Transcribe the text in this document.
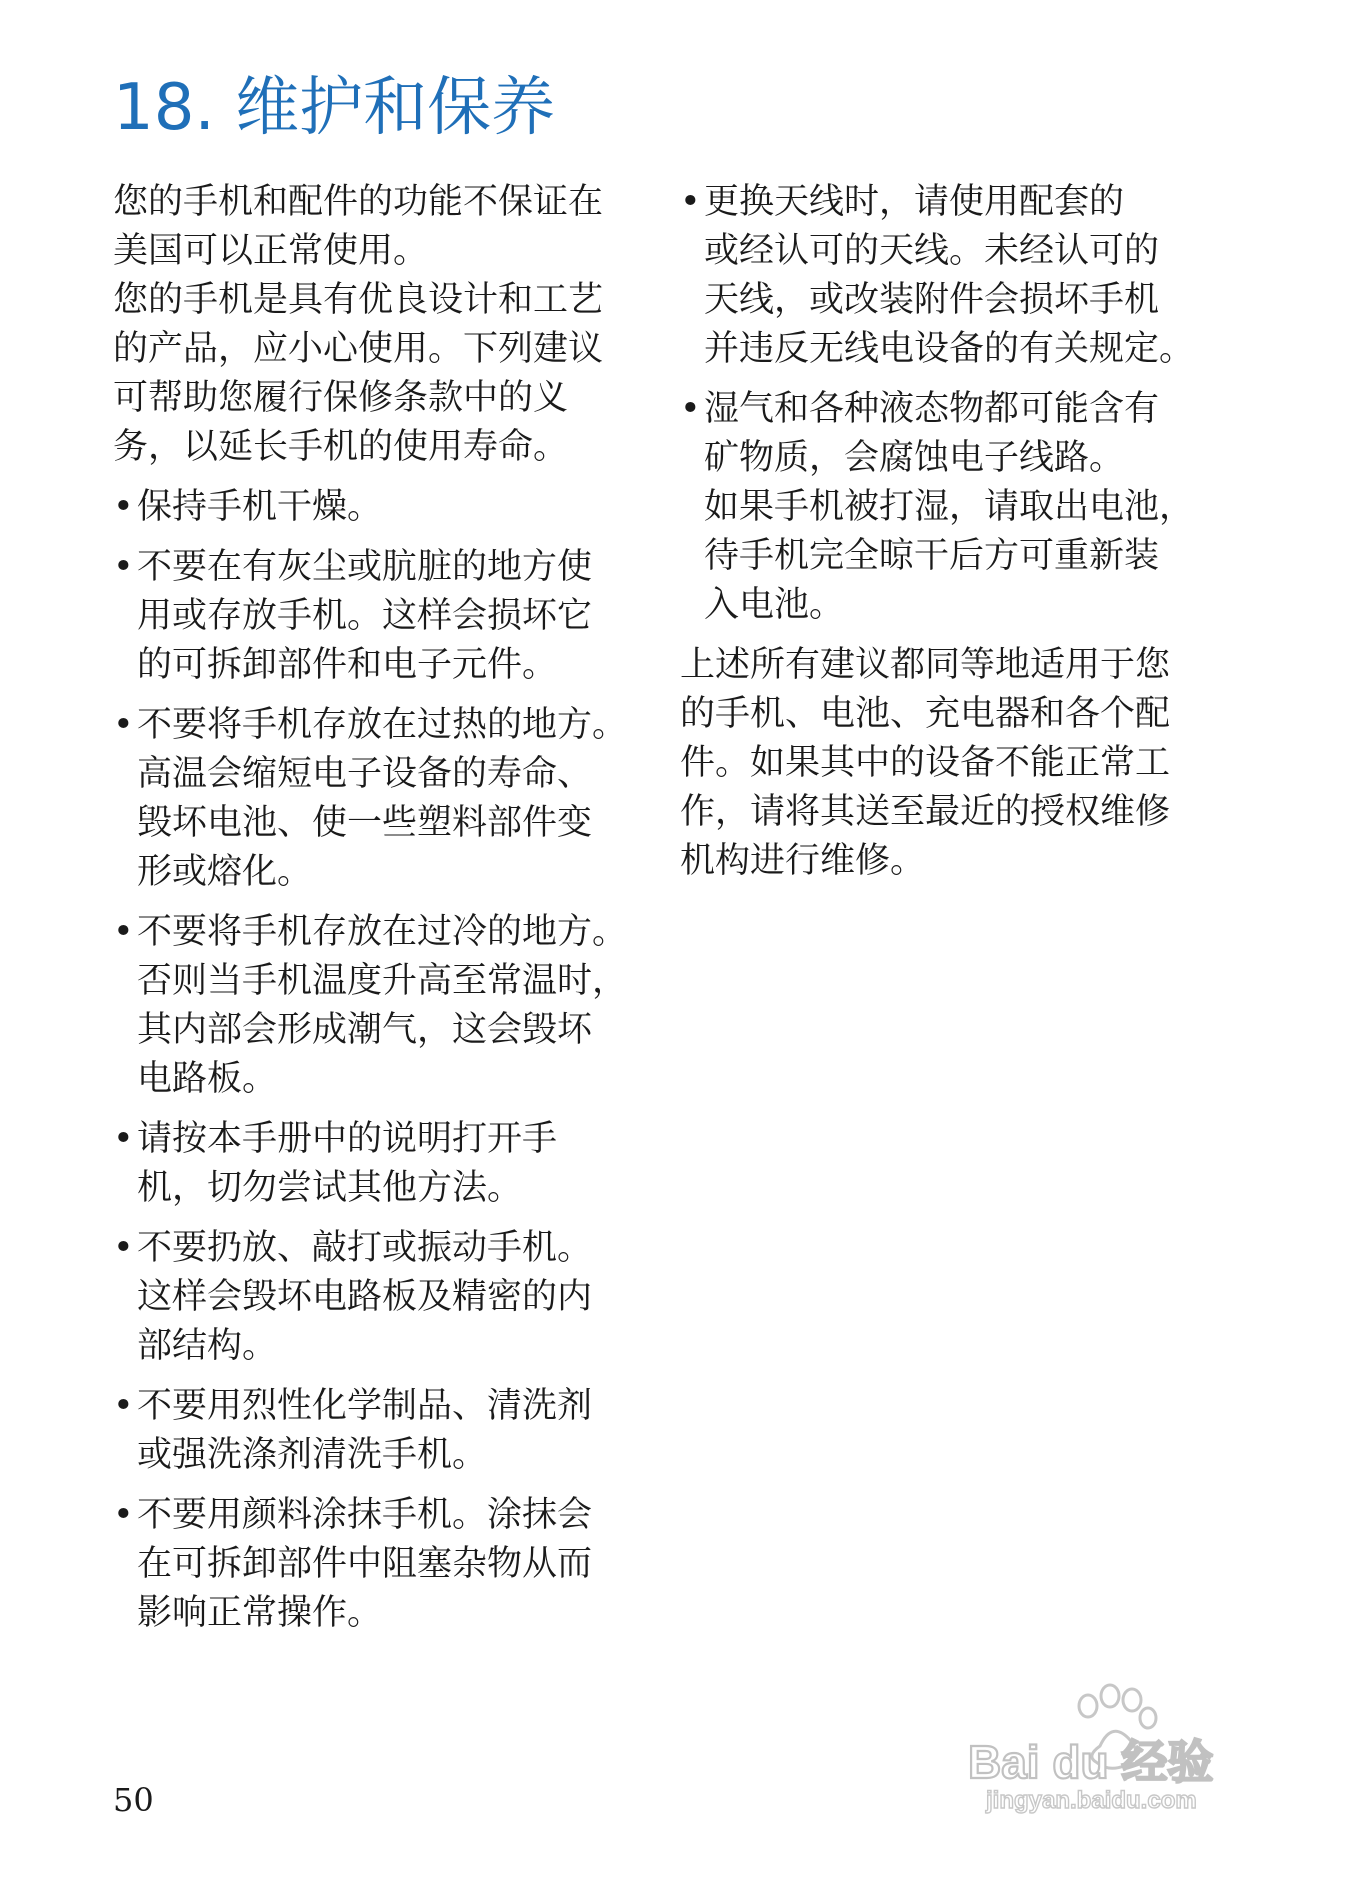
18. 维护和保养
您的手机和配件的功能不保证在
美国可以正常使用。
您的手机是具有优良设计和工艺
的产品，应小心使用。下列建议
可帮助您履行保修条款中的义
务，以延长手机的使用寿命。
• 保持手机干燥。
• 不要在有灰尘或肮脏的地方使
用或存放手机。这样会损坏它
的可拆卸部件和电子元件。
• 不要将手机存放在过热的地方。
高温会缩短电子设备的寿命、
毁坏电池、使一些塑料部件变
形或熔化。
• 不要将手机存放在过冷的地方。
否则当手机温度升高至常温时，
其内部会形成潮气，这会毁坏
电路板。
• 请按本手册中的说明打开手
机，切勿尝试其他方法。
• 不要扔放、敲打或振动手机。
这样会毁坏电路板及精密的内
部结构。
• 不要用烈性化学制品、清洗剂
或强洗涤剂清洗手机。
• 不要用颜料涂抹手机。涂抹会
在可拆卸部件中阻塞杂物从而
影响正常操作。
• 更换天线时，请使用配套的
或经认可的天线。未经认可的
天线，或改装附件会损坏手机
并违反无线电设备的有关规定。
• 湿气和各种液态物都可能含有
矿物质，会腐蚀电子线路。
如果手机被打湿，请取出电池，
待手机完全晾干后方可重新装
入电池。
上述所有建议都同等地适用于您
的手机、电池、充电器和各个配
件。如果其中的设备不能正常工
作，请将其送至最近的授权维修
机构进行维修。
50
Bai du 经验
jingyan.baidu.com
